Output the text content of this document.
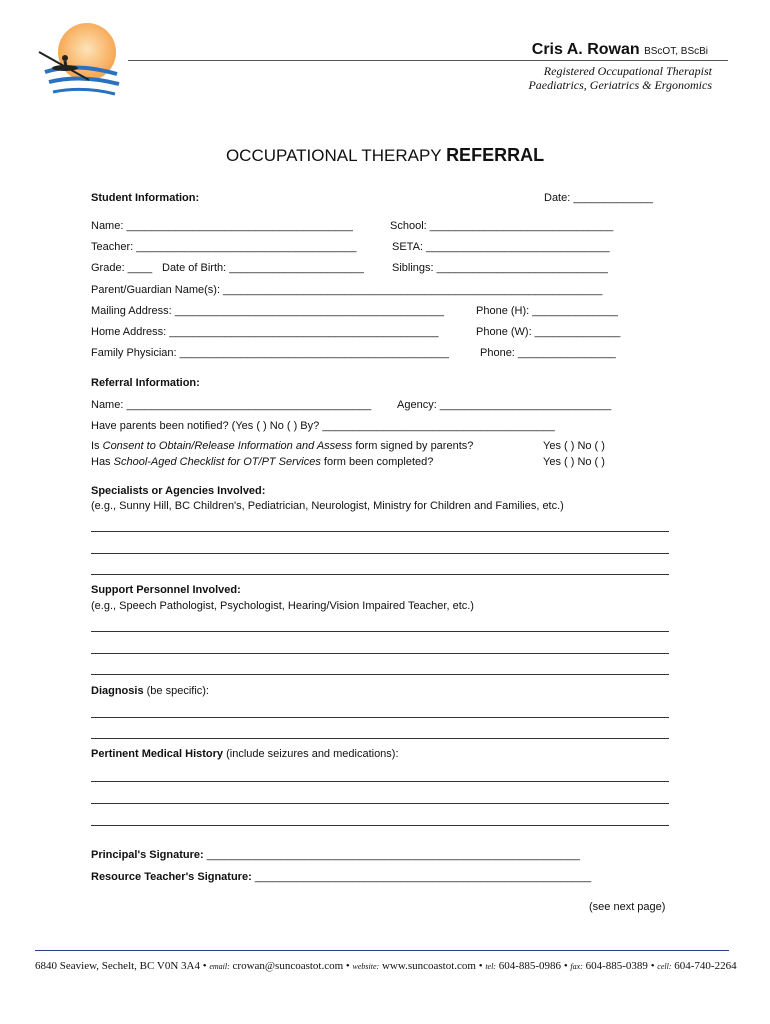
Cris A. Rowan BScOT, BScBi
Registered Occupational Therapist
Paediatrics, Geriatrics & Ergonomics
OCCUPATIONAL THERAPY REFERRAL
Student Information:	Date: _____________
Name: _____________________________________	School: ______________________________
Teacher: ____________________________________	SETA: ______________________________
Grade: ____ Date of Birth: ______________________	Siblings: ____________________________
Parent/Guardian Name(s): ______________________________________________________________
Mailing Address: ____________________________________________	Phone (H): ______________
Home Address: ____________________________________________	Phone (W): ______________
Family Physician: ____________________________________________	Phone: ________________
Referral Information:
Name: ________________________________________ Agency: ____________________________
Have parents been notified? (Yes ( ) No ( ) By? ______________________________________
Is Consent to Obtain/Release Information and Assess form signed by parents?	Yes ( ) No ( )
Has School-Aged Checklist for OT/PT Services form been completed?	Yes ( ) No ( )
Specialists or Agencies Involved:
(e.g., Sunny Hill, BC Children's, Pediatrician, Neurologist, Ministry for Children and Families, etc.)
Support Personnel Involved:
(e.g., Speech Pathologist, Psychologist, Hearing/Vision Impaired Teacher, etc.)
Diagnosis (be specific):
Pertinent Medical History (include seizures and medications):
Principal's Signature: _____________________________________________________________
Resource Teacher's Signature: _______________________________________________________
(see next page)
6840 Seaview, Sechelt, BC V0N 3A4 • email: crowan@suncoastot.com • website: www.suncoastot.com • tel: 604-885-0986 • fax: 604-885-0389 • cell: 604-740-2264
